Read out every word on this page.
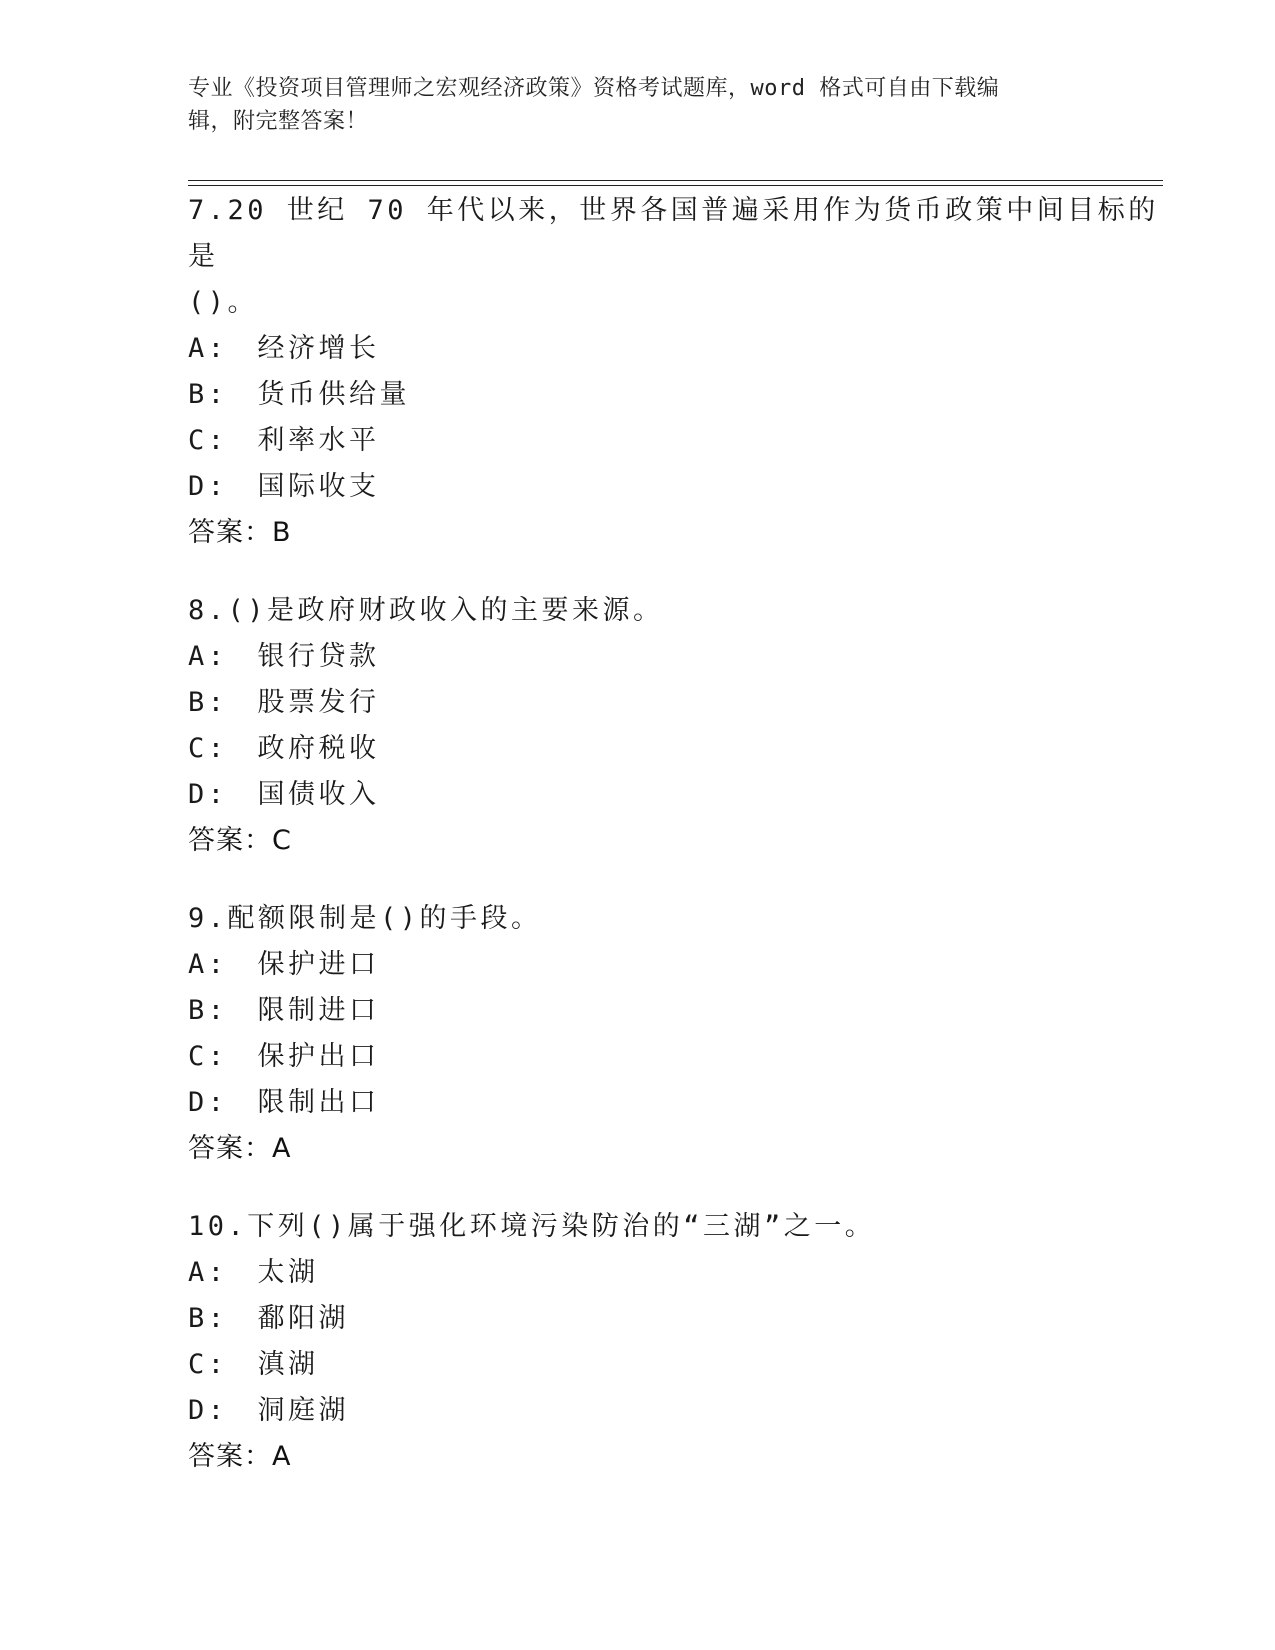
专业《投资项目管理师之宏观经济政策》资格考试题库，word 格式可自由下载编
辑，附完整答案！
7.20 世纪 70 年代以来，世界各国普遍采用作为货币政策中间目标的是
()。
A: 经济增长
B: 货币供给量
C: 利率水平
D: 国际收支
答案：B
8.()是政府财政收入的主要来源。
A: 银行贷款
B: 股票发行
C: 政府税收
D: 国债收入
答案：C
9.配额限制是()的手段。
A: 保护进口
B: 限制进口
C: 保护出口
D: 限制出口
答案：A
10.下列()属于强化环境污染防治的“三湖”之一。
A: 太湖
B: 鄱阳湖
C: 滇湖
D: 洞庭湖
答案：A
